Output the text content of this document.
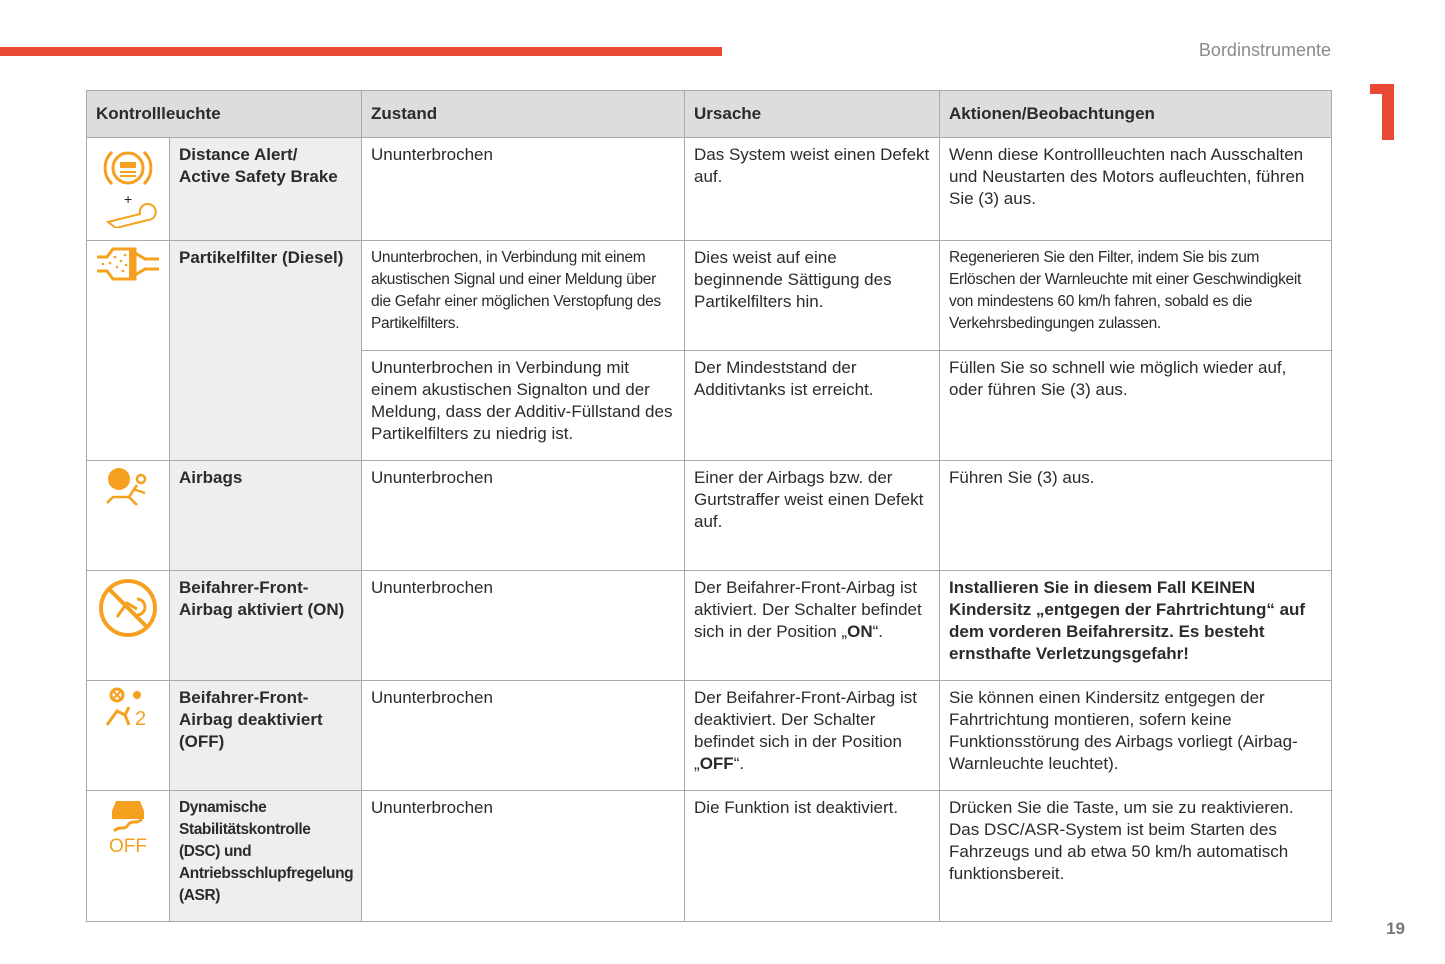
Bordinstrumente
19
Kontrollleuchte		Zustand	Ursache	Aktionen/Beobachtungen

+	Distance Alert/ Active Safety Brake	Ununterbrochen	Das System weist einen Defekt auf.	Wenn diese Kontrollleuchten nach Ausschalten und Neustarten des Motors aufleuchten, führen Sie (3) aus.
	Partikelfilter (Diesel)	Ununterbrochen, in Verbindung mit einem akustischen Signal und einer Meldung über die Gefahr einer möglichen Verstopfung des Partikelfilters.	Dies weist auf eine beginnende Sättigung des Partikelfilters hin.	Regenerieren Sie den Filter, indem Sie bis zum Erlöschen der Warnleuchte mit einer Geschwindigkeit von mindestens 60 km/h fahren, sobald es die Verkehrsbedingungen zulassen.
		Ununterbrochen in Verbindung mit einem akustischen Signalton und der Meldung, dass der Additiv-Füllstand des Partikelfilters zu niedrig ist.	Der Mindeststand der Additivtanks ist erreicht.	Füllen Sie so schnell wie möglich wieder auf, oder führen Sie (3) aus.
	Airbags	Ununterbrochen	Einer der Airbags bzw. der Gurtstraffer weist einen Defekt auf.	Führen Sie (3) aus.
	Beifahrer-Front-Airbag aktiviert (ON)	Ununterbrochen	Der Beifahrer-Front-Airbag ist aktiviert. Der Schalter befindet sich in der Position „ON“.	Installieren Sie in diesem Fall KEINEN Kindersitz „entgegen der Fahrtrichtung“ auf dem vorderen Beifahrersitz. Es besteht ernsthafte Verletzungsgefahr!

2	Beifahrer-Front-Airbag deaktiviert (OFF)	Ununterbrochen	Der Beifahrer-Front-Airbag ist deaktiviert. Der Schalter befindet sich in der Position „OFF“.	Sie können einen Kindersitz entgegen der Fahrtrichtung montieren, sofern keine Funktionsstörung des Airbags vorliegt (Airbag-Warnleuchte leuchtet).

OFF	Dynamische Stabilitätskontrolle (DSC) und Antriebsschlupfregelung (ASR)	Ununterbrochen	Die Funktion ist deaktiviert.	Drücken Sie die Taste, um sie zu reaktivieren. Das DSC/ASR-System ist beim Starten des Fahrzeugs und ab etwa 50 km/h automatisch funktionsbereit.
